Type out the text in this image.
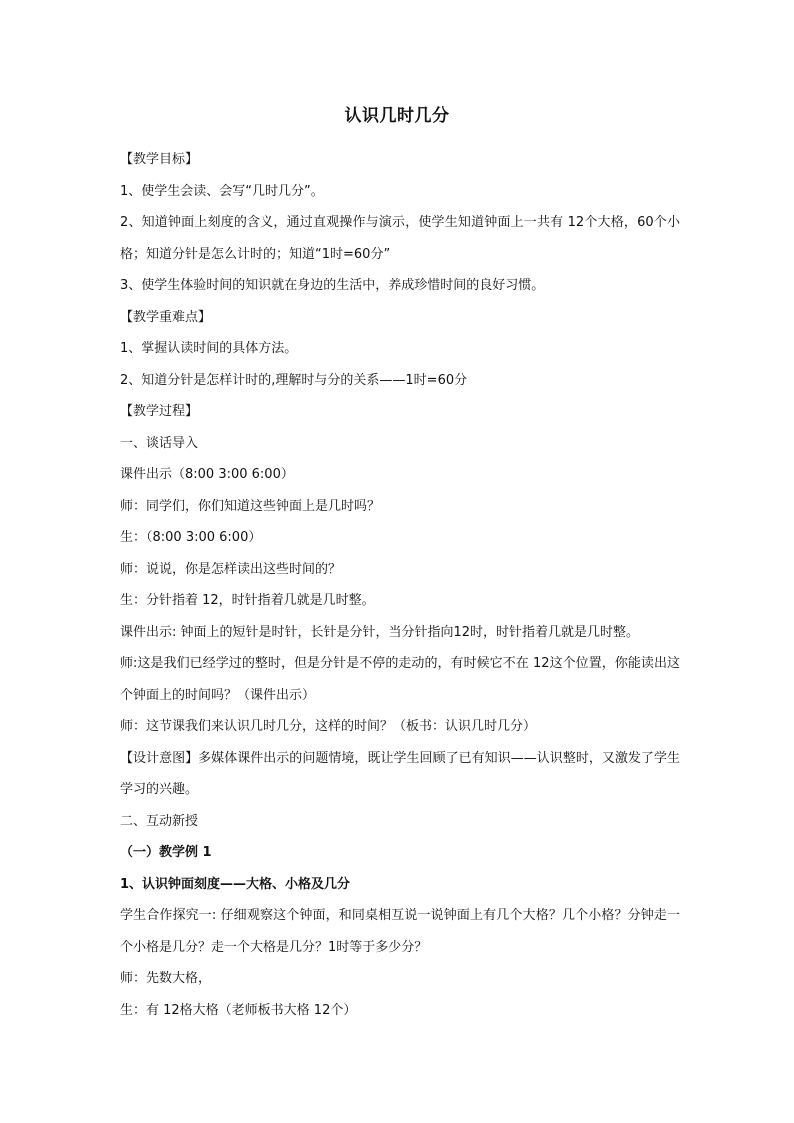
认识几时几分

【教学目标】

1、使学生会读、会写“几时几分”。

2、知道钟面上刻度的含义，通过直观操作与演示，使学生知道钟面上一共有 12个大格，60个小格；知道分针是怎么计时的；知道“1时=60分”

3、使学生体验时间的知识就在身边的生活中，养成珍惜时间的良好习惯。

【教学重难点】

1、掌握认读时间的具体方法。

2、知道分针是怎样计时的,理解时与分的关系——1时=60分

【教学过程】

一、谈话导入

课件出示（8:00 3:00 6:00）

师：同学们，你们知道这些钟面上是几时吗？

生：（8:00 3:00 6:00）

师：说说，你是怎样读出这些时间的？

生：分针指着 12，时针指着几就是几时整。

课件出示: 钟面上的短针是时针，长针是分针，当分针指向12时，时针指着几就是几时整。

师:这是我们已经学过的整时，但是分针是不停的走动的，有时候它不在 12这个位置，你能读出这个钟面上的时间吗？（课件出示）

师：这节课我们来认识几时几分，这样的时间？（板书：认识几时几分）

【设计意图】多媒体课件出示的问题情境，既让学生回顾了已有知识——认识整时，又激发了学生学习的兴趣。

二、互动新授

（一）教学例 1

1、认识钟面刻度——大格、小格及几分

学生合作探究一: 仔细观察这个钟面，和同桌相互说一说钟面上有几个大格？几个小格？分钟走一个小格是几分？走一个大格是几分？1时等于多少分？

师：先数大格，

生：有 12格大格（老师板书大格 12个）
